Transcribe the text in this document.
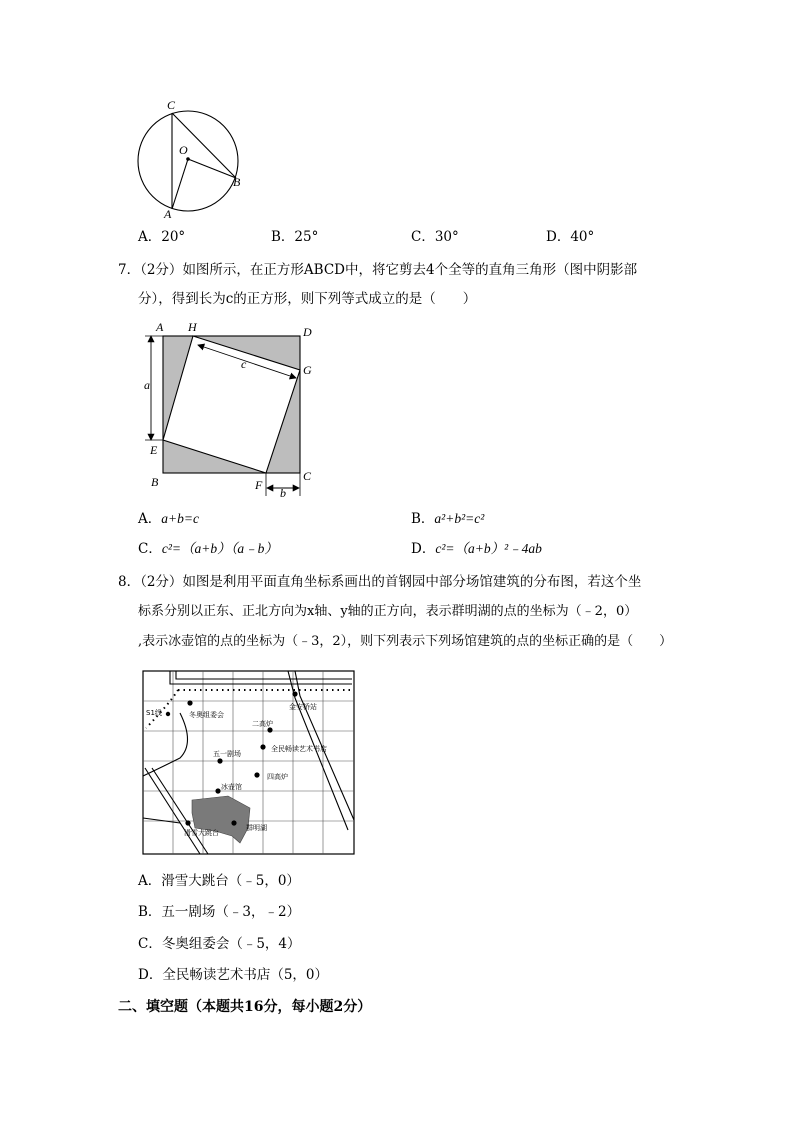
C
O
B
A
A．20°	B．25°	C．30°	D．40°
7．（2分）如图所示，在正方形ABCD中，将它剪去4个全等的直角三角形（图中阴影部
分），得到长为c的正方形，则下列等式成立的是（　　）
A H	D
G
E
B	F
C
a
c
b
A．a+b=c	B．a²+b²=c²
C．c²=（a+b）（a﹣b）	D．c²=（a+b）²﹣4ab
8．（2分）如图是利用平面直角坐标系画出的首钢园中部分场馆建筑的分布图，若这个坐
标系分别以正东、正北方向为x轴、y轴的正方向，表示群明湖的点的坐标为（﹣2，0）
,表示冰壶馆的点的坐标为（﹣3，2），则下列表示下列场馆建筑的点的坐标正确的是（　　）
金安桥站
S1线	冬奥组委会
二高炉
五一剧场
全民畅读艺术书店
四高炉
冰壶馆
滑雪大跳台
群明湖
A．滑雪大跳台（﹣5，0）
B．五一剧场（﹣3，﹣2）
C．冬奥组委会（﹣5，4）
D．全民畅读艺术书店（5，0）
二、填空题（本题共16分，每小题2分）
